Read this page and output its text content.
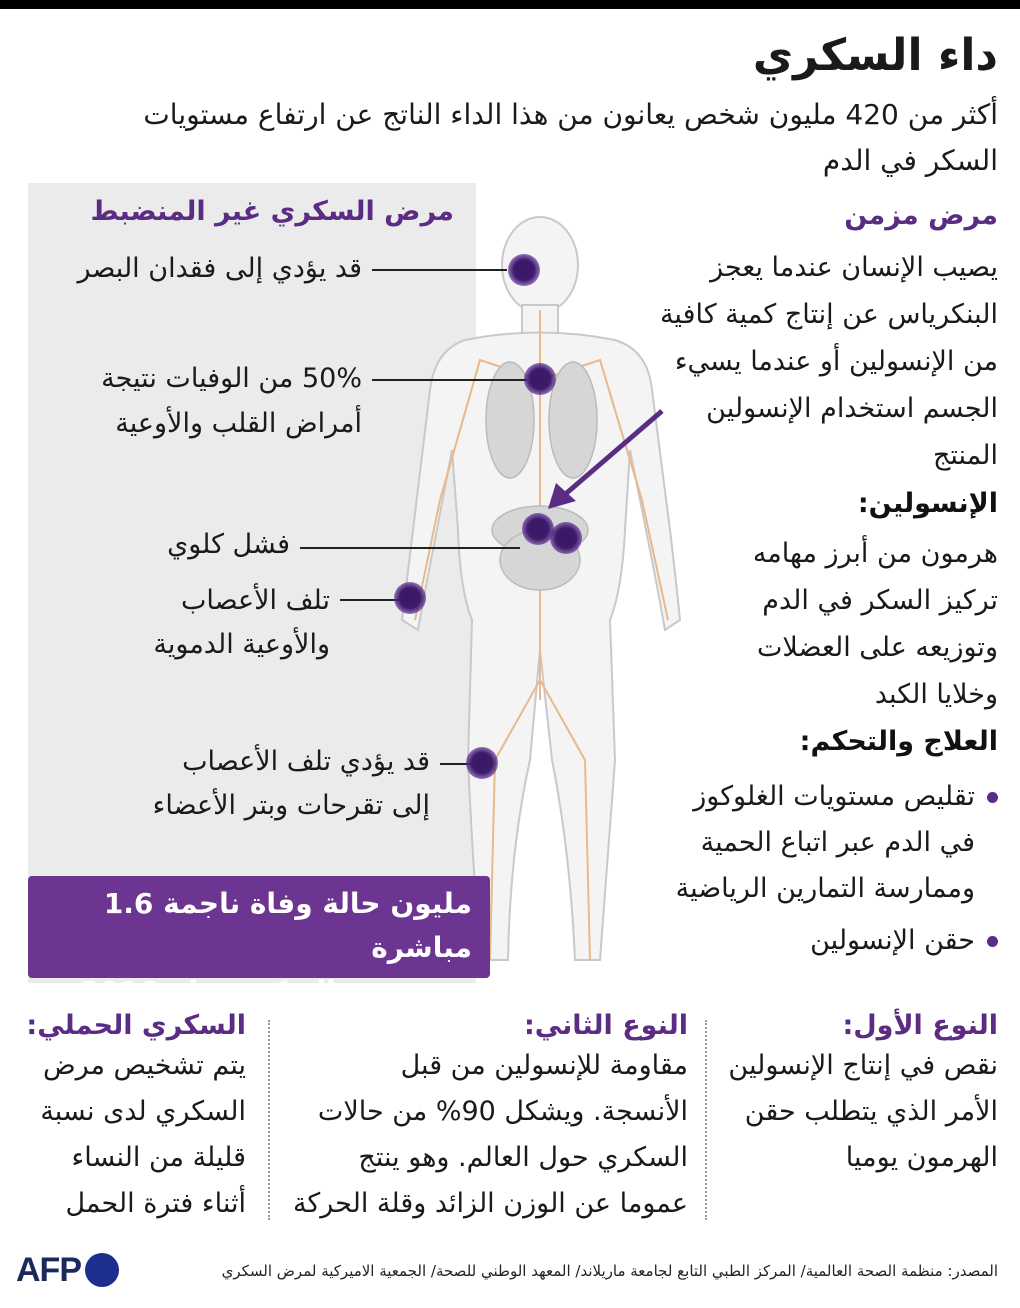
داء السكري
أكثر من 420 مليون شخص يعانون من هذا الداء الناتج عن ارتفاع مستويات السكر في الدم
مرض السكري غير المنضبط
قد يؤدي إلى فقدان البصر
50% من الوفيات نتيجة
أمراض القلب والأوعية
فشل كلوي
تلف الأعصاب
والأوعية الدموية
قد يؤدي تلف الأعصاب
إلى تقرحات وبتر الأعضاء
1.6 مليون حالة وفاة ناجمة مباشرة
عن مرض السكري عام 2016
مرض مزمن
يصيب الإنسان عندما يعجز
البنكرياس عن إنتاج كمية كافية
من الإنسولين أو عندما يسيء
الجسم استخدام الإنسولين
المنتج
الإنسولين:
هرمون من أبرز مهامه
تركيز السكر في الدم
وتوزيعه على العضلات
وخلايا الكبد
العلاج والتحكم:
تقليص مستويات الغلوكوز
في الدم عبر اتباع الحمية
وممارسة التمارين الرياضية
حقن الإنسولين
النوع الأول:
نقص في إنتاج الإنسولين
الأمر الذي يتطلب حقن
الهرمون يوميا
النوع الثاني:
مقاومة للإنسولين من قبل
الأنسجة. ويشكل 90% من حالات
السكري حول العالم. وهو ينتج
عموما عن الوزن الزائد وقلة الحركة
السكري الحملي:
يتم تشخيص مرض
السكري لدى نسبة
قليلة من النساء
أثناء فترة الحمل
المصدر: منظمة الصحة العالمية/ المركز الطبي التابع لجامعة ماريلاند/ المعهد الوطني للصحة/ الجمعية الاميركية لمرض السكري
AFP
